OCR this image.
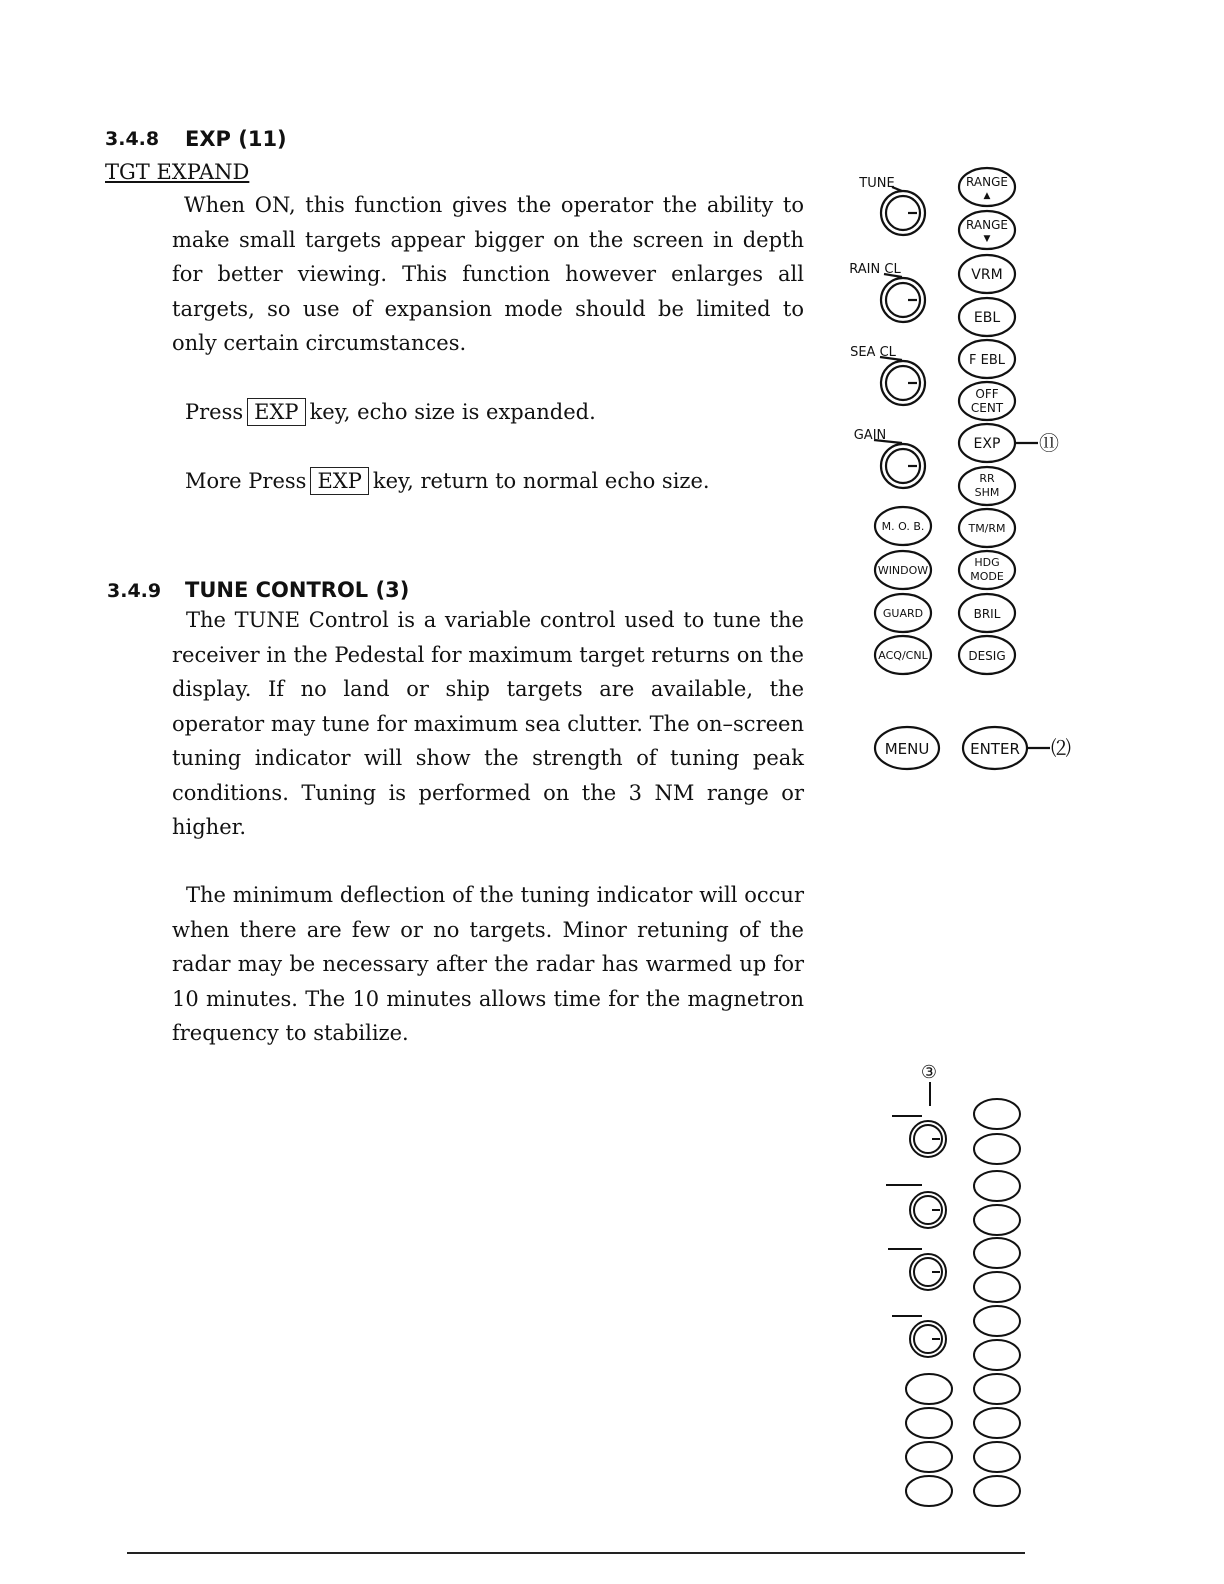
3.4.8 EXP (11)
TGT EXPAND
When ON, this function gives the operator the ability to make small targets appear bigger on the screen in depth for better viewing. This function however enlarges all targets, so use of expansion mode should be limited to only certain circumstances.
Press EXP key, echo size is expanded.
More Press EXP key, return to normal echo size.
3.4.9 TUNE CONTROL (3)
The TUNE Control is a variable control used to tune the receiver in the Pedestal for maximum target returns on the display. If no land or ship targets are available, the operator may tune for maximum sea clutter. The on–screen tuning indicator will show the strength of tuning peak conditions. Tuning is performed on the 3 NM range or higher.
The minimum deflection of the tuning indicator will occur when there are few or no targets. Minor retuning of the radar may be necessary after the radar has warmed up for 10 minutes. The 10 minutes allows time for the magnetron frequency to stabilize.
TUNE
RAIN CL
SEA CL
GAIN
M. O. B.
WINDOW
GUARD
ACQ/CNL
RANGE
▲
RANGE
▼
VRM
EBL
F EBL
OFF
CENT
EXP
RR
SHM
TM/RM
HDG
MODE
BRIL
DESIG
MENU	ENTER
⑪
⑵
③
